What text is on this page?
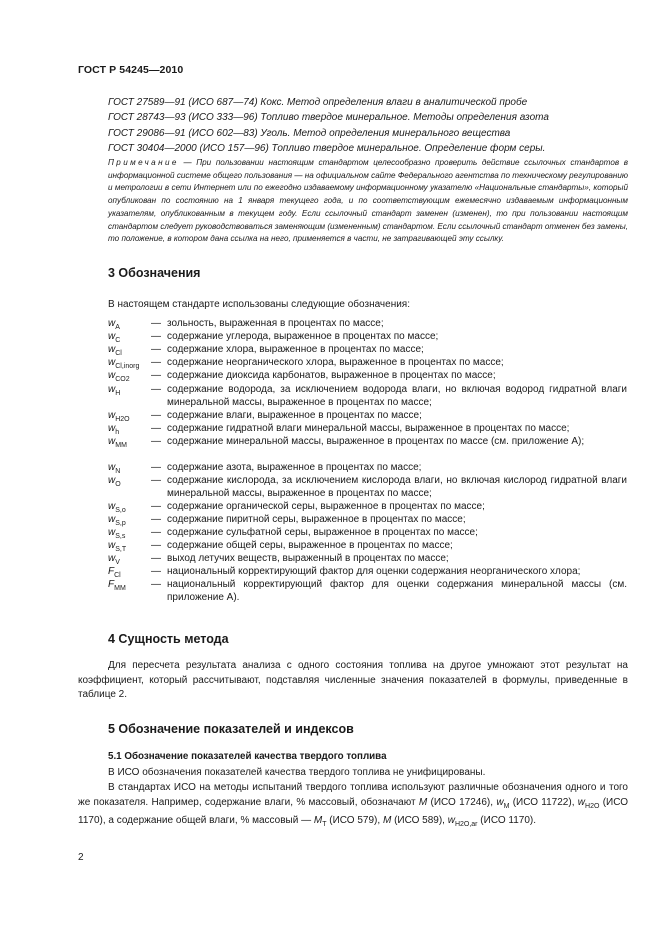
ГОСТ Р 54245—2010
ГОСТ 27589—91 (ИСО 687—74) Кокс. Метод определения влаги в аналитической пробе
ГОСТ 28743—93 (ИСО 333—96) Топливо твердое минеральное. Методы определения азота
ГОСТ 29086—91 (ИСО 602—83) Уголь. Метод определения минерального вещества
ГОСТ 30404—2000 (ИСО 157—96) Топливо твердое минеральное. Определение форм серы.
Примечание — При пользовании настоящим стандартом целесообразно проверить действие ссылочных стандартов в информационной системе общего пользования — на официальном сайте Федерального агентства по техническому регулированию и метрологии в сети Интернет или по ежегодно издаваемому информационному указателю «Национальные стандарты», который опубликован по состоянию на 1 января текущего года, и по соответствующим ежемесячно издаваемым информационным указателям, опубликованным в текущем году. Если ссылочный стандарт заменен (изменен), то при пользовании настоящим стандартом следует руководствоваться заменяющим (измененным) стандартом. Если ссылочный стандарт отменен без замены, то положение, в котором дана ссылка на него, применяется в части, не затрагивающей эту ссылку.
3 Обозначения
В настоящем стандарте использованы следующие обозначения:
$w_A$	— зольность, выраженная в процентах по массе;
$w_C$	— содержание углерода, выраженное в процентах по массе;
$w_{Cl}$	— содержание хлора, выраженное в процентах по массе;
$w_{Cl,inorg}$ — содержание неорганического хлора, выраженное в процентах по массе;
$w_{CO2}$ — содержание диоксида карбонатов, выраженное в процентах по массе;
$w_H$	— содержание водорода, за исключением водорода влаги, но включая водород гидратной влаги минеральной массы, выраженное в процентах по массе;
$w_{H2O}$ — содержание влаги, выраженное в процентах по массе;
$w_h$	— содержание гидратной влаги минеральной массы, выраженное в процентах по массе;
$w_{MM}$ — содержание минеральной массы, выраженное в процентах по массе (см. приложение А);
$w_N$	— содержание азота, выраженное в процентах по массе;
$w_O$	— содержание кислорода, за исключением кислорода влаги, но включая кислород гидратной влаги минеральной массы, выраженное в процентах по массе;
$w_{S,o}$	— содержание органической серы, выраженное в процентах по массе;
$w_{S,p}$	— содержание пиритной серы, выраженное в процентах по массе;
$w_{S,s}$	— содержание сульфатной серы, выраженное в процентах по массе;
$w_{S,T}$ — содержание общей серы, выраженное в процентах по массе;
$w_V$	— выход летучих веществ, выраженный в процентах по массе;
$F_{Cl}$	— национальный корректирующий фактор для оценки содержания неорганического хлора;
$F_{MM}$	— национальный корректирующий фактор для оценки содержания минеральной массы (см. приложение А).
4 Сущность метода
Для пересчета результата анализа с одного состояния топлива на другое умножают этот результат на коэффициент, который рассчитывают, подставляя численные значения показателей в формулы, приведенные в таблице 2.
5 Обозначение показателей и индексов
5.1 Обозначение показателей качества твердого топлива
В ИСО обозначения показателей качества твердого топлива не унифицированы.
В стандартах ИСО на методы испытаний твердого топлива используют различные обозначения одного и того же показателя. Например, содержание влаги, % массовый, обозначают M (ИСО 17246), $w_M$ (ИСО 11722), $w_{H2O}$ (ИСО 1170), а содержание общей влаги, % массовый — $M_T$ (ИСО 579), M (ИСО 589), $w_{H2O,ar}$ (ИСО 1170).
2
